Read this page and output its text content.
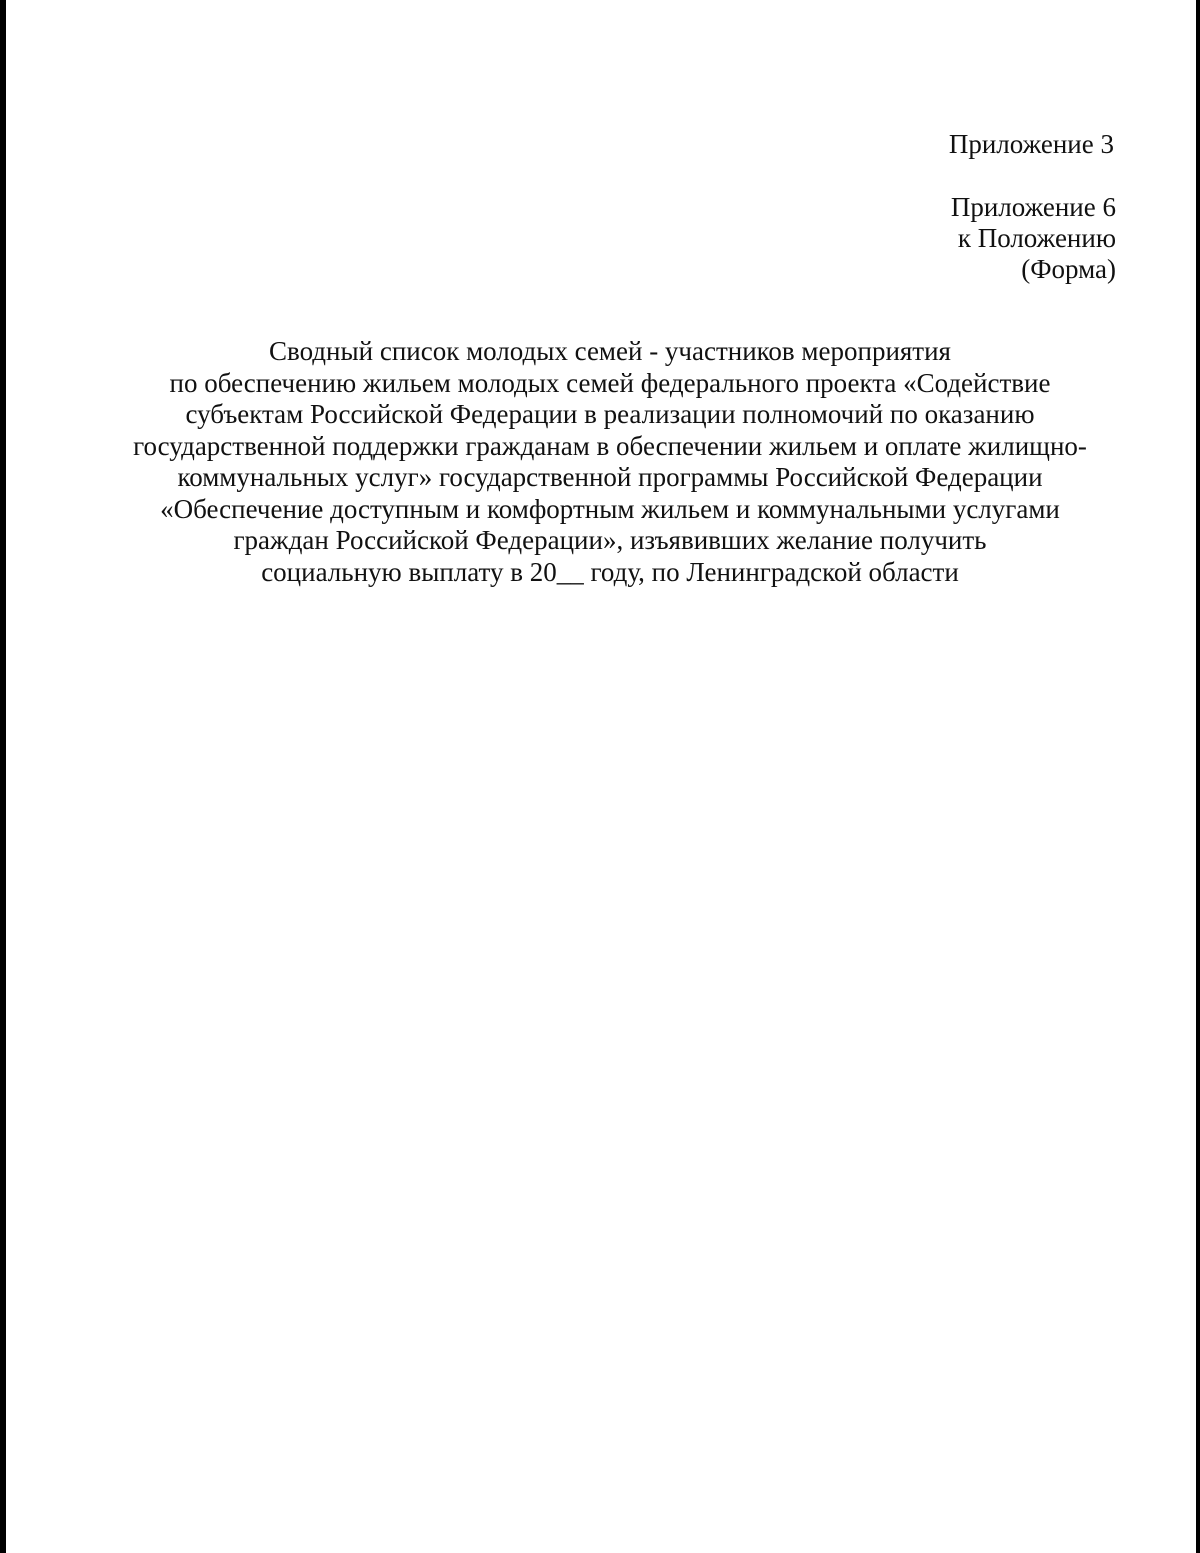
Приложение 3
Приложение 6
к Положению
(Форма)
Сводный список молодых семей - участников мероприятия
по обеспечению жильем молодых семей федерального проекта «Содействие
субъектам Российской Федерации в реализации полномочий по оказанию
государственной поддержки гражданам в обеспечении жильем и оплате жилищно-
коммунальных услуг» государственной программы Российской Федерации
«Обеспечение доступным и комфортным жильем и коммунальными услугами
граждан Российской Федерации», изъявивших желание получить
социальную выплату в 20__ году, по Ленинградской области
